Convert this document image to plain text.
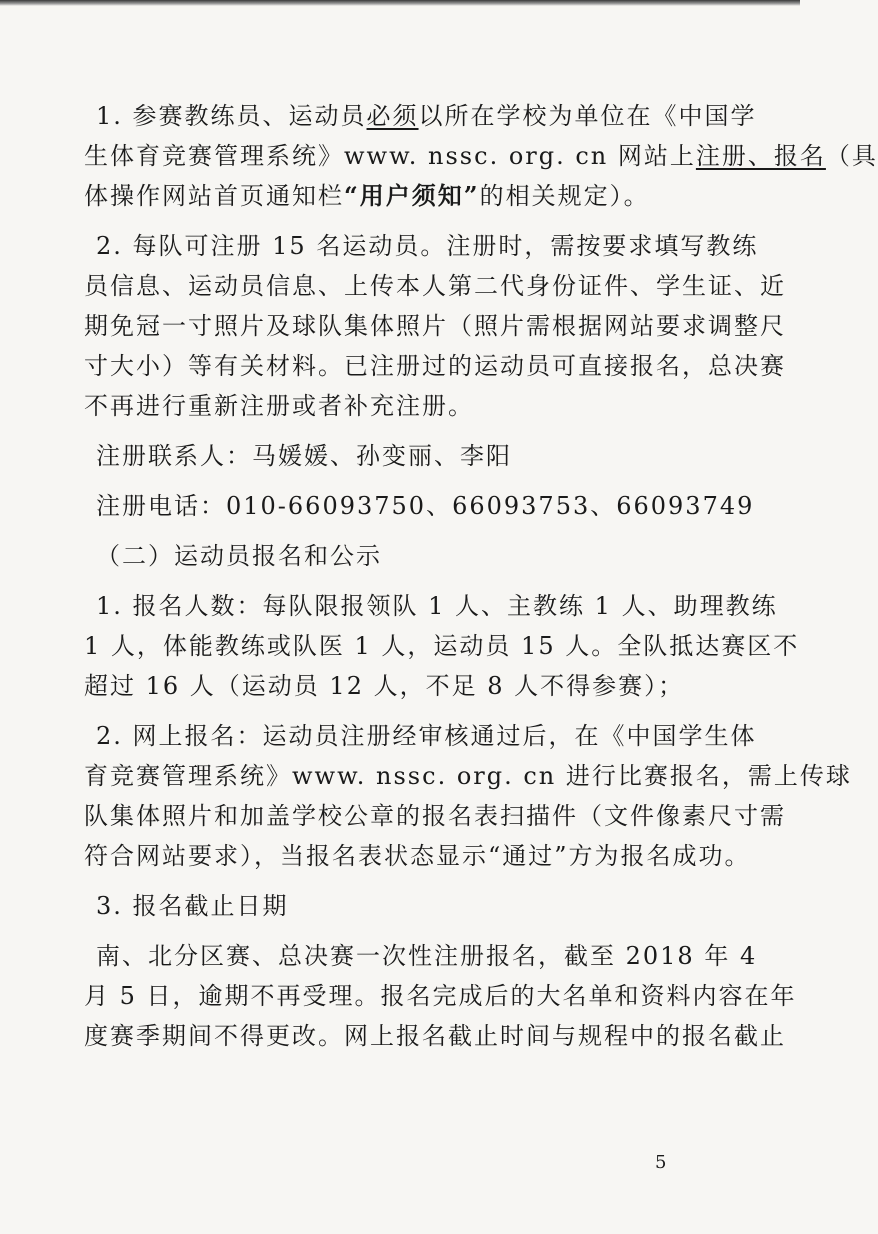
1. 参赛教练员、运动员必须以所在学校为单位在《中国学
生体育竞赛管理系统》www. nssc. org. cn 网站上注册、报名（具
体操作网站首页通知栏“用户须知”的相关规定）。
2. 每队可注册 15 名运动员。注册时，需按要求填写教练
员信息、运动员信息、上传本人第二代身份证件、学生证、近
期免冠一寸照片及球队集体照片（照片需根据网站要求调整尺
寸大小）等有关材料。已注册过的运动员可直接报名，总决赛
不再进行重新注册或者补充注册。
注册联系人：马媛媛、孙变丽、李阳
注册电话：010-66093750、66093753、66093749
（二）运动员报名和公示
1. 报名人数：每队限报领队 1 人、主教练 1 人、助理教练
1 人，体能教练或队医 1 人，运动员 15 人。全队抵达赛区不
超过 16 人（运动员 12 人，不足 8 人不得参赛）；
2. 网上报名：运动员注册经审核通过后，在《中国学生体
育竞赛管理系统》www. nssc. org. cn 进行比赛报名，需上传球
队集体照片和加盖学校公章的报名表扫描件（文件像素尺寸需
符合网站要求），当报名表状态显示“通过”方为报名成功。
3. 报名截止日期
南、北分区赛、总决赛一次性注册报名，截至 2018 年 4
月 5 日，逾期不再受理。报名完成后的大名单和资料内容在年
度赛季期间不得更改。网上报名截止时间与规程中的报名截止
5
